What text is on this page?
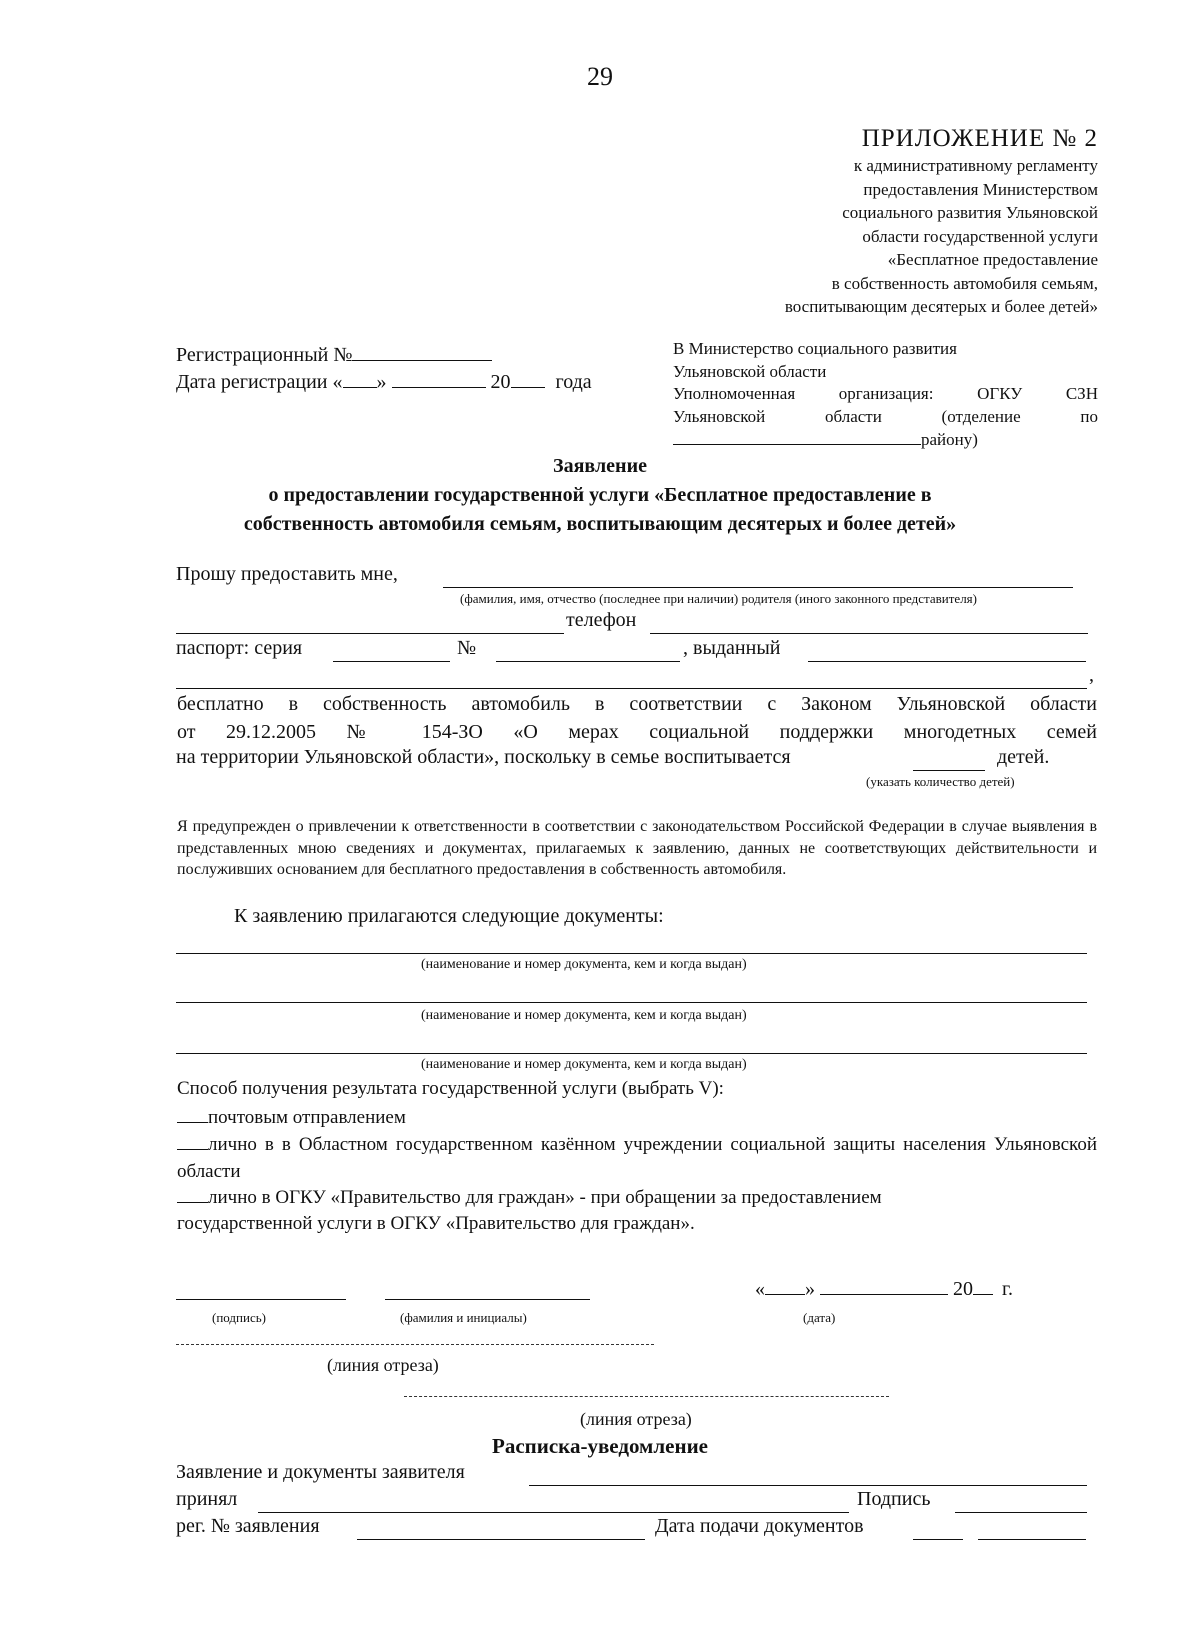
29
ПРИЛОЖЕНИЕ № 2
к административному регламенту
предоставления Министерством
социального развития Ульяновской
области государственной услуги
«Бесплатное предоставление
в собственность автомобиля семьям,
воспитывающим десятерых и более детей»
Регистрационный №
Дата регистрации « »	20 года
В Министерство социального развития
Ульяновской области
Уполномоченная	организация:	ОГКУ	СЗН
Ульяновской	области	(отделение	по
району)
Заявление
о предоставлении государственной услуги «Бесплатное предоставление в
собственность автомобиля семьям, воспитывающим десятерых и более детей»
Прошу предоставить мне,
(фамилия, имя, отчество (последнее при наличии) родителя (иного законного представителя)
телефон
паспорт: серия	№	, выданный
,
бесплатно в собственность автомобиль в соответствии с Законом Ульяновской области
от 29.12.2005 № 154-ЗО «О мерах социальной поддержки многодетных семей
на территории Ульяновской области», поскольку в семье воспитывается	детей.
(указать количество детей)

Я предупрежден о привлечении к ответственности в соответствии с законодательством Российской Федерации в случае выявления в представленных мною сведениях и документах, прилагаемых к заявлению, данных не соответствующих действительности и послуживших основанием для бесплатного предоставления в собственность автомобиля.

К заявлению прилагаются следующие документы:
(наименование и номер документа, кем и когда выдан)
(наименование и номер документа, кем и когда выдан)
(наименование и номер документа, кем и когда выдан)
Способ получения результата государственной услуги (выбрать V):
почтовым отправлением
лично в в Областном государственном казённом учреждении социальной защиты населения Ульяновской области
лично в ОГКУ «Правительство для граждан» - при обращении за предоставлением
государственной услуги в ОГКУ «Правительство для граждан».
« »	20 г.
(подпись)	(фамилия и инициалы)	(дата)
(линия отреза)
(линия отреза)
Расписка-уведомление
Заявление и документы заявителя
принял	Подпись
рег. № заявления	Дата подачи документов
